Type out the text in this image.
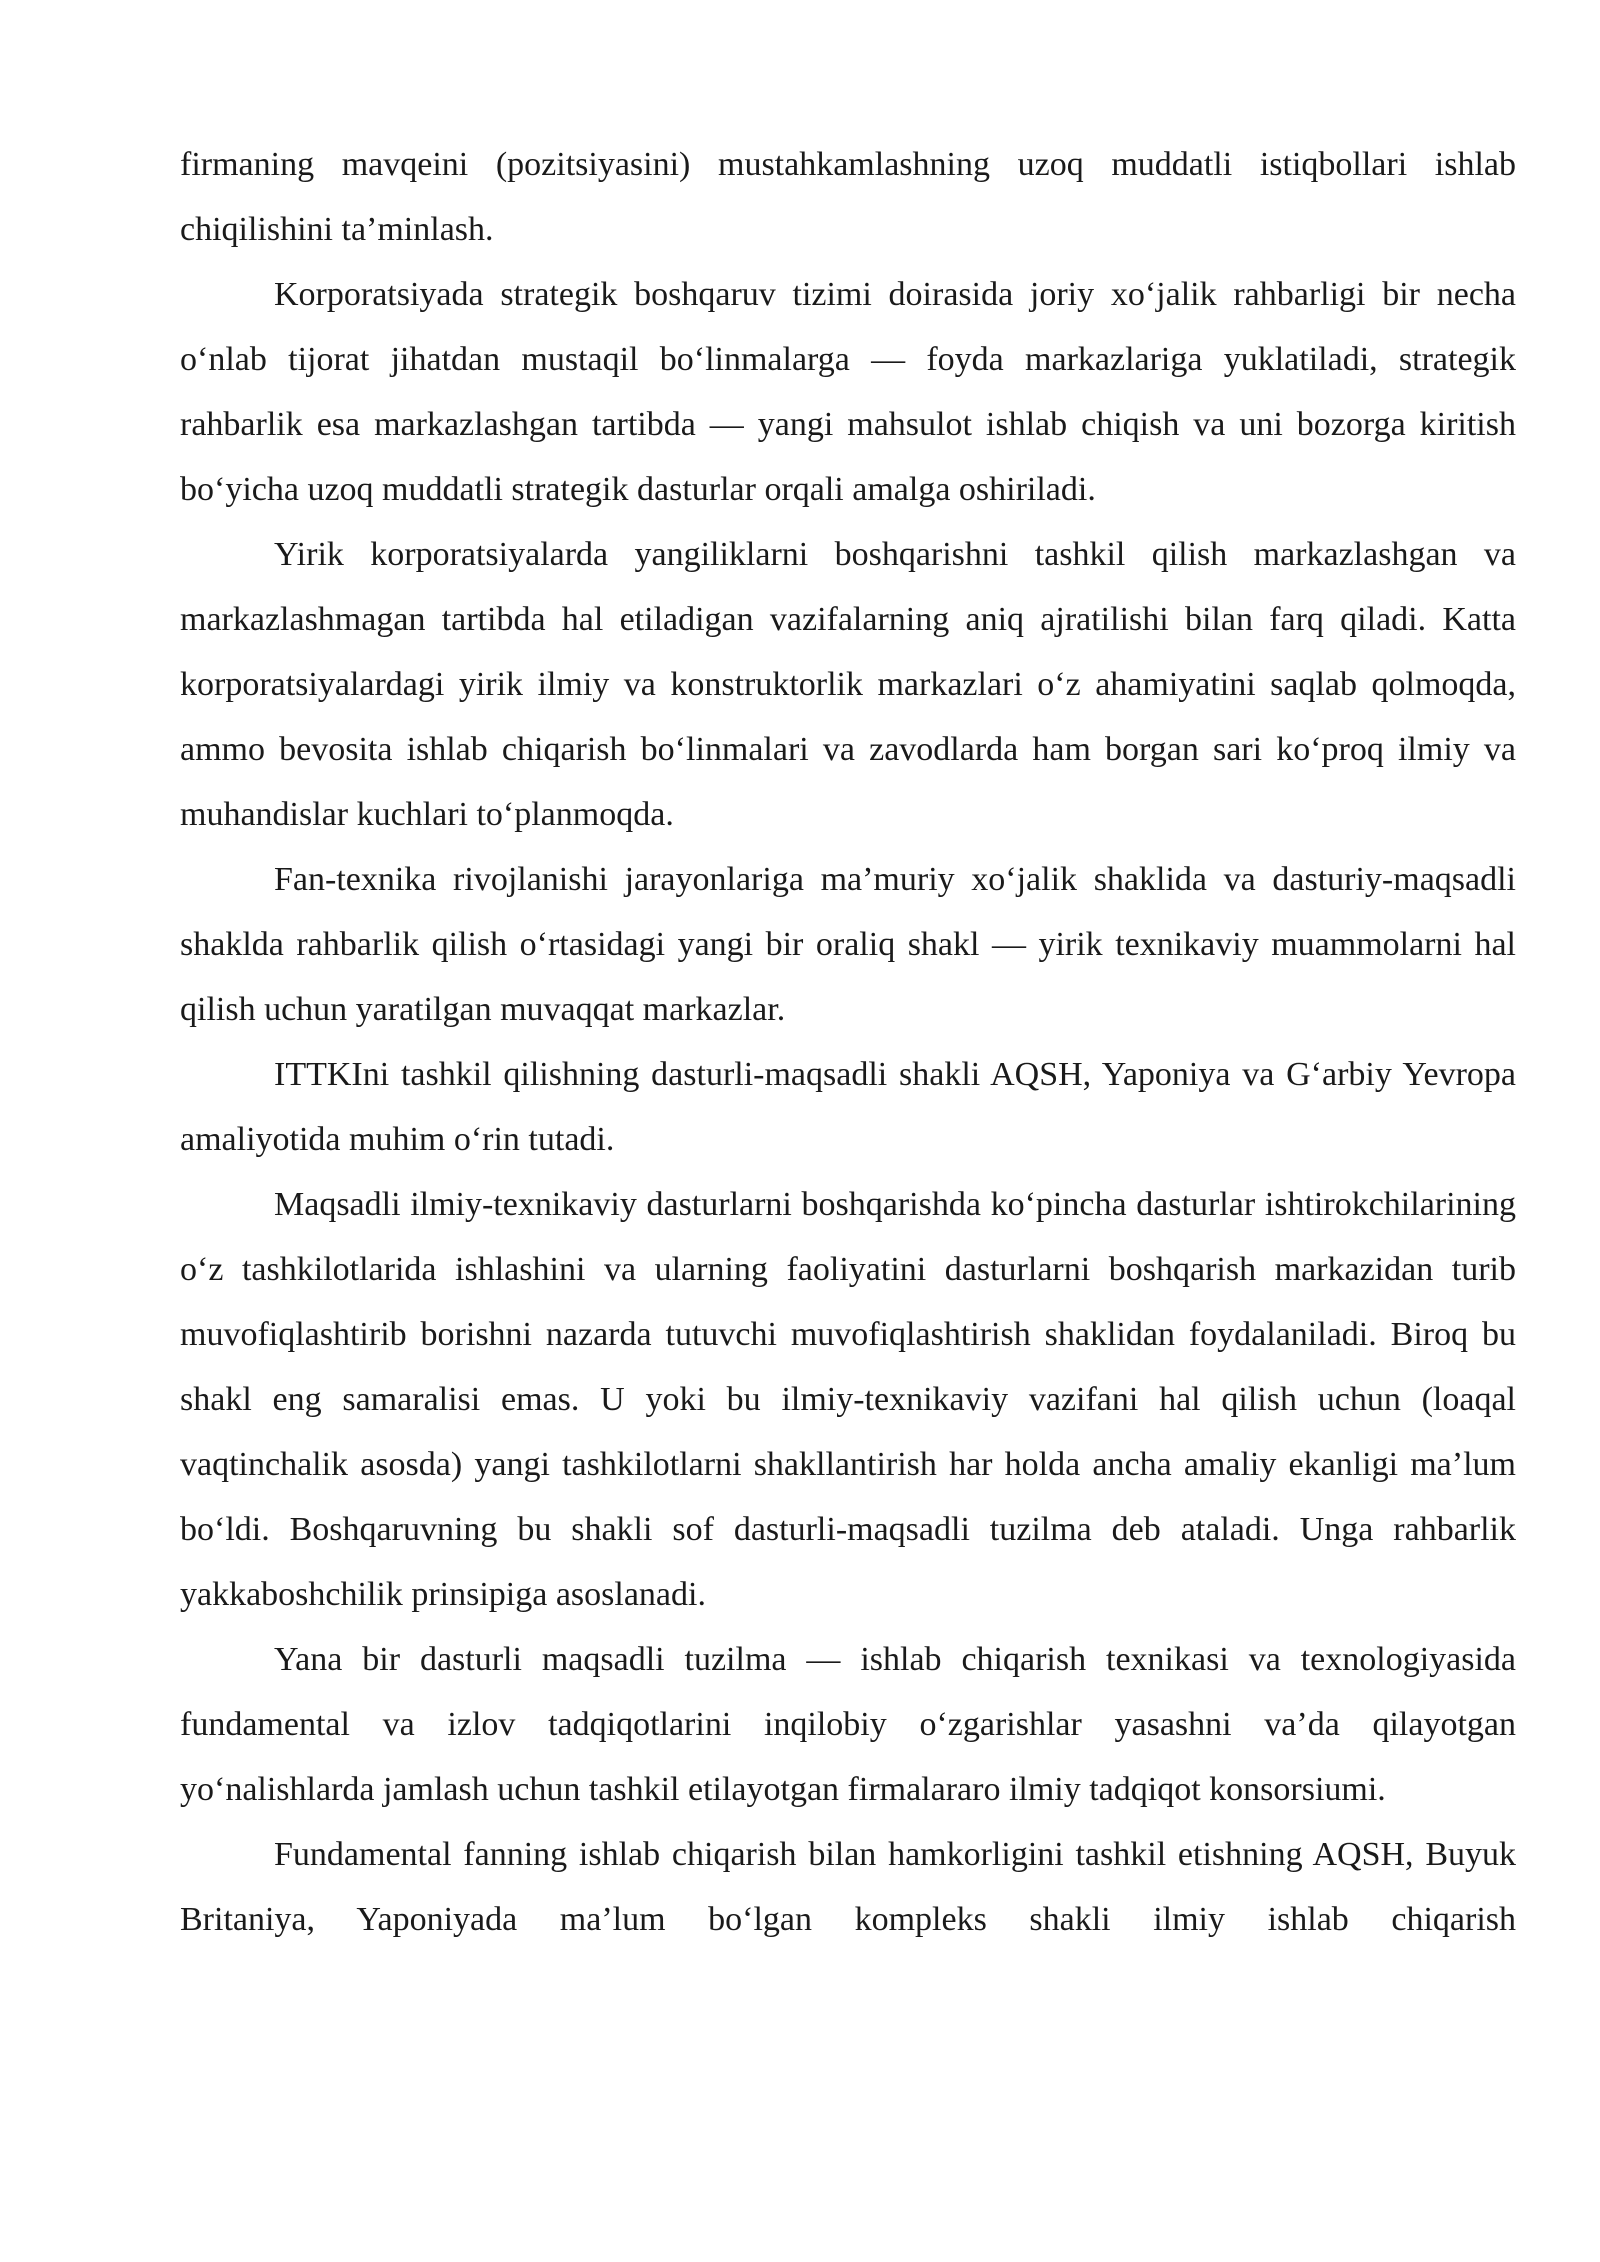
firmaning mavqeini (pozitsiyasini) mustahkamlashning uzoq muddatli istiqbollari ishlab chiqilishini ta’minlash.

Korporatsiyada strategik boshqaruv tizimi doirasida joriy xo‘jalik rahbarligi bir necha o‘nlab tijorat jihatdan mustaqil bo‘linmalarga — foyda markazlariga yuklatiladi, strategik rahbarlik esa markazlashgan tartibda — yangi mahsulot ishlab chiqish va uni bozorga kiritish bo‘yicha uzoq muddatli strategik dasturlar orqali amalga oshiriladi.

Yirik korporatsiyalarda yangiliklarni boshqarishni tashkil qilish markazlashgan va markazlashmagan tartibda hal etiladigan vazifalarning aniq ajratilishi bilan farq qiladi. Katta korporatsiyalardagi yirik ilmiy va konstruktorlik markazlari o‘z ahamiyatini saqlab qolmoqda, ammo bevosita ishlab chiqarish bo‘linmalari va zavodlarda ham borgan sari ko‘proq ilmiy va muhandislar kuchlari to‘planmoqda.

Fan-texnika rivojlanishi jarayonlariga ma’muriy xo‘jalik shaklida va dasturiy-maqsadli shaklda rahbarlik qilish o‘rtasidagi yangi bir oraliq shakl — yirik texnikaviy muammolarni hal qilish uchun yaratilgan muvaqqat markazlar.

ITTKIni tashkil qilishning dasturli-maqsadli shakli AQSH, Yaponiya va G‘arbiy Yevropa amaliyotida muhim o‘rin tutadi.

Maqsadli ilmiy-texnikaviy dasturlarni boshqarishda ko‘pincha dasturlar ishtirokchilarining o‘z tashkilotlarida ishlashini va ularning faoliyatini dasturlarni boshqarish markazidan turib muvofiqlashtirib borishni nazarda tutuvchi muvofiqlashtirish shaklidan foydalaniladi. Biroq bu shakl eng samaralisi emas. U yoki bu ilmiy-texnikaviy vazifani hal qilish uchun (loaqal vaqtinchalik asosda) yangi tashkilotlarni shakllantirish har holda ancha amaliy ekanligi ma’lum bo‘ldi. Boshqaruvning bu shakli sof dasturli-maqsadli tuzilma deb ataladi. Unga rahbarlik yakkaboshchilik prinsipiga asoslanadi.

Yana bir dasturli maqsadli tuzilma — ishlab chiqarish texnikasi va texnologiyasida fundamental va izlov tadqiqotlarini inqilobiy o‘zgarishlar yasashni va’da qilayotgan yo‘nalishlarda jamlash uchun tashkil etilayotgan firmalararo ilmiy tadqiqot konsorsiumi.

Fundamental fanning ishlab chiqarish bilan hamkorligini tashkil etishning AQSH, Buyuk Britaniya, Yaponiyada ma’lum bo‘lgan kompleks shakli ilmiy ishlab chiqarish
